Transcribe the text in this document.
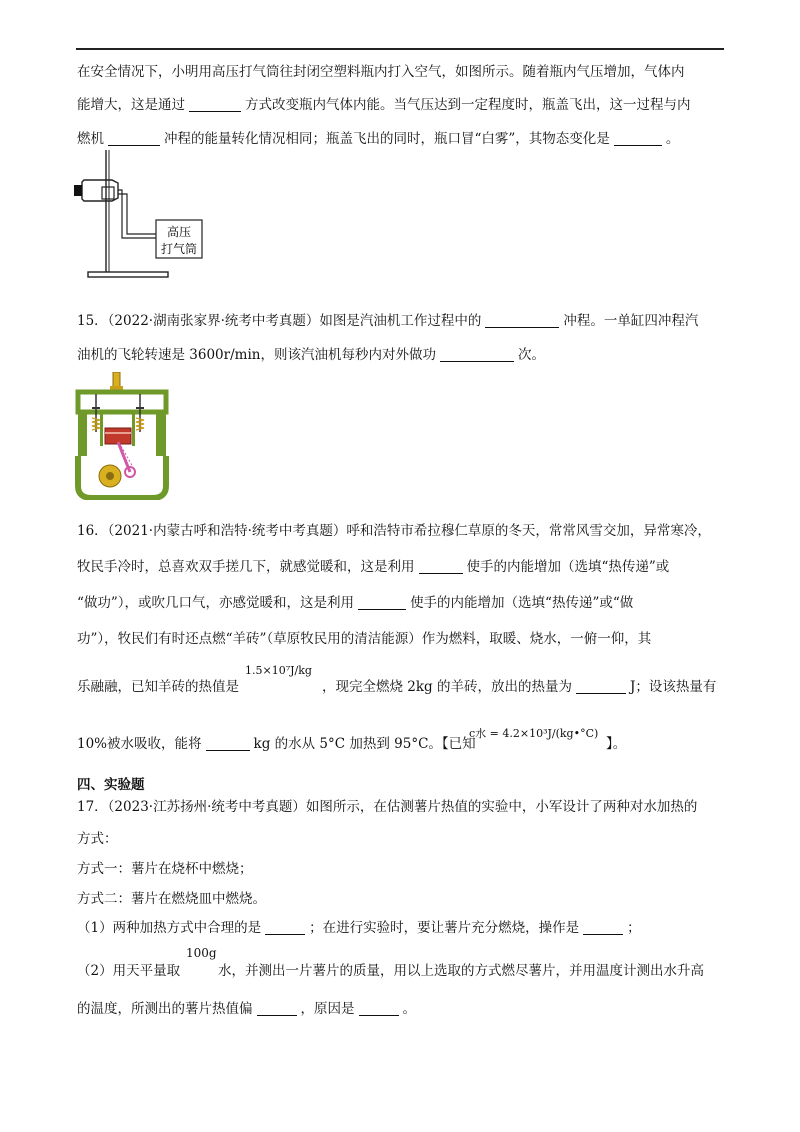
在安全情况下，小明用高压打气筒往封闭空塑料瓶内打入空气，如图所示。随着瓶内气压增加，气体内
能增大，这是通过	方式改变瓶内气体内能。当气压达到一定程度时，瓶盖飞出，这一过程与内
燃机	冲程的能量转化情况相同；瓶盖飞出的同时，瓶口冒“白雾”，其物态变化是	。
高压
打气筒
15．（2022·湖南张家界·统考中考真题）如图是汽油机工作过程中的	冲程。一单缸四冲程汽
油机的飞轮转速是 3600r/min，则该汽油机每秒内对外做功	次。
16．（2021·内蒙古呼和浩特·统考中考真题）呼和浩特市希拉穆仁草原的冬天，常常风雪交加，异常寒冷，
牧民手冷时，总喜欢双手搓几下，就感觉暖和，这是利用	使手的内能增加（选填“热传递”或
“做功”），或吹几口气，亦感觉暖和，这是利用	使手的内能增加（选填“热传递”或“做
功”），牧民们有时还点燃“羊砖”（草原牧民用的清洁能源）作为燃料，取暖、烧水，一俯一仰，其
乐融融，已知羊砖的热值是
1.5×10⁷J/kg
，现完全燃烧 2kg 的羊砖，放出的热量为	J；设该热量有
10%被水吸收，能将	kg 的水从 5°C 加热到 95°C。【已知
c水 = 4.2×10³J/(kg•°C)
】。
四、实验题
17．（2023·江苏扬州·统考中考真题）如图所示，在估测薯片热值的实验中，小军设计了两种对水加热的
方式：
方式一：薯片在烧杯中燃烧；
方式二：薯片在燃烧皿中燃烧。
（1）两种加热方式中合理的是	；在进行实验时，要让薯片充分燃烧，操作是	；
（2）用天平量取
100g
水，并测出一片薯片的质量，用以上选取的方式燃尽薯片，并用温度计测出水升高
的温度，所测出的薯片热值偏	，原因是	。
